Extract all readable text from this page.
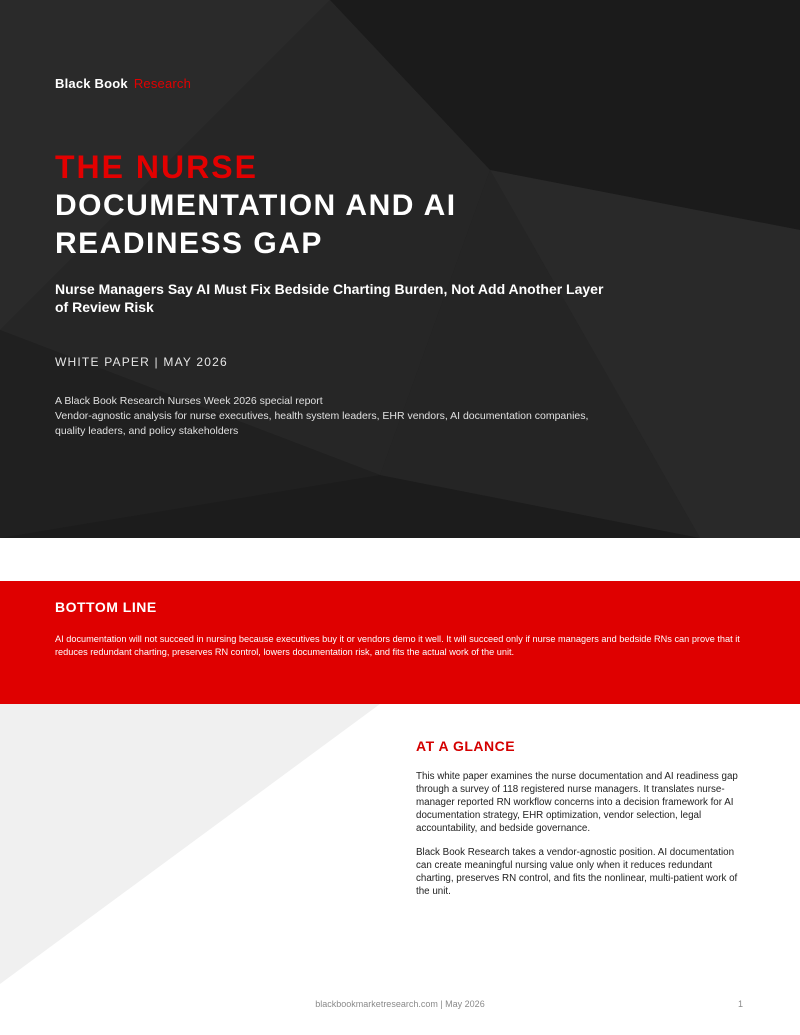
Black Book Research
THE NURSE
DOCUMENTATION AND AI READINESS GAP
Nurse Managers Say AI Must Fix Bedside Charting Burden, Not Add Another Layer of Review Risk
WHITE PAPER | MAY 2026
A Black Book Research Nurses Week 2026 special report
Vendor-agnostic analysis for nurse executives, health system leaders, EHR vendors, AI documentation companies, quality leaders, and policy stakeholders
BOTTOM LINE
AI documentation will not succeed in nursing because executives buy it or vendors demo it well. It will succeed only if nurse managers and bedside RNs can prove that it reduces redundant charting, preserves RN control, lowers documentation risk, and fits the actual work of the unit.
AT A GLANCE
This white paper examines the nurse documentation and AI readiness gap through a survey of 118 registered nurse managers. It translates nurse-manager reported RN workflow concerns into a decision framework for AI documentation strategy, EHR optimization, vendor selection, legal accountability, and bedside governance.
Black Book Research takes a vendor-agnostic position. AI documentation can create meaningful nursing value only when it reduces redundant charting, preserves RN control, and fits the nonlinear, multi-patient work of the unit.
blackbookmarketresearch.com | May 2026	1
